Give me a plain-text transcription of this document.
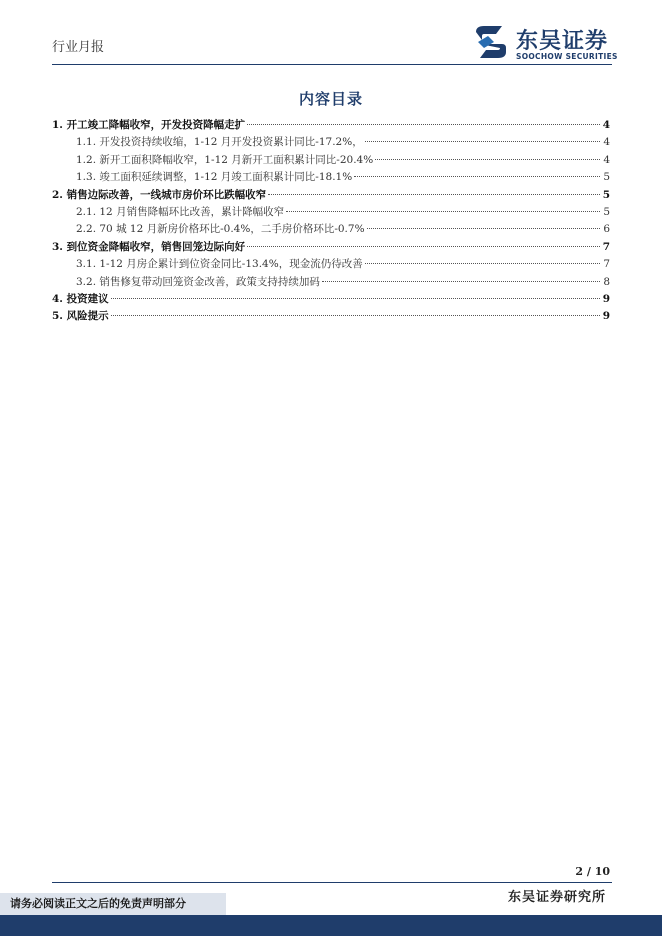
行业月报	东吴证券
SOOCHOW SECURITIES
内容目录
1. 开工竣工降幅收窄，开发投资降幅走扩	4
1.1. 开发投资持续收缩，1-12 月开发投资累计同比-17.2%，	4
1.2. 新开工面积降幅收窄，1-12 月新开工面积累计同比-20.4%	4
1.3. 竣工面积延续调整，1-12 月竣工面积累计同比-18.1%	5
2. 销售边际改善，一线城市房价环比跌幅收窄	5
2.1. 12 月销售降幅环比改善，累计降幅收窄	5
2.2. 70 城 12 月新房价格环比-0.4%，二手房价格环比-0.7%	6
3. 到位资金降幅收窄，销售回笼边际向好	7
3.1. 1-12 月房企累计到位资金同比-13.4%，现金流仍待改善	7
3.2. 销售修复带动回笼资金改善，政策支持持续加码	8
4. 投资建议	9
5. 风险提示	9
2 / 10
东吴证券研究所
请务必阅读正文之后的免责声明部分
